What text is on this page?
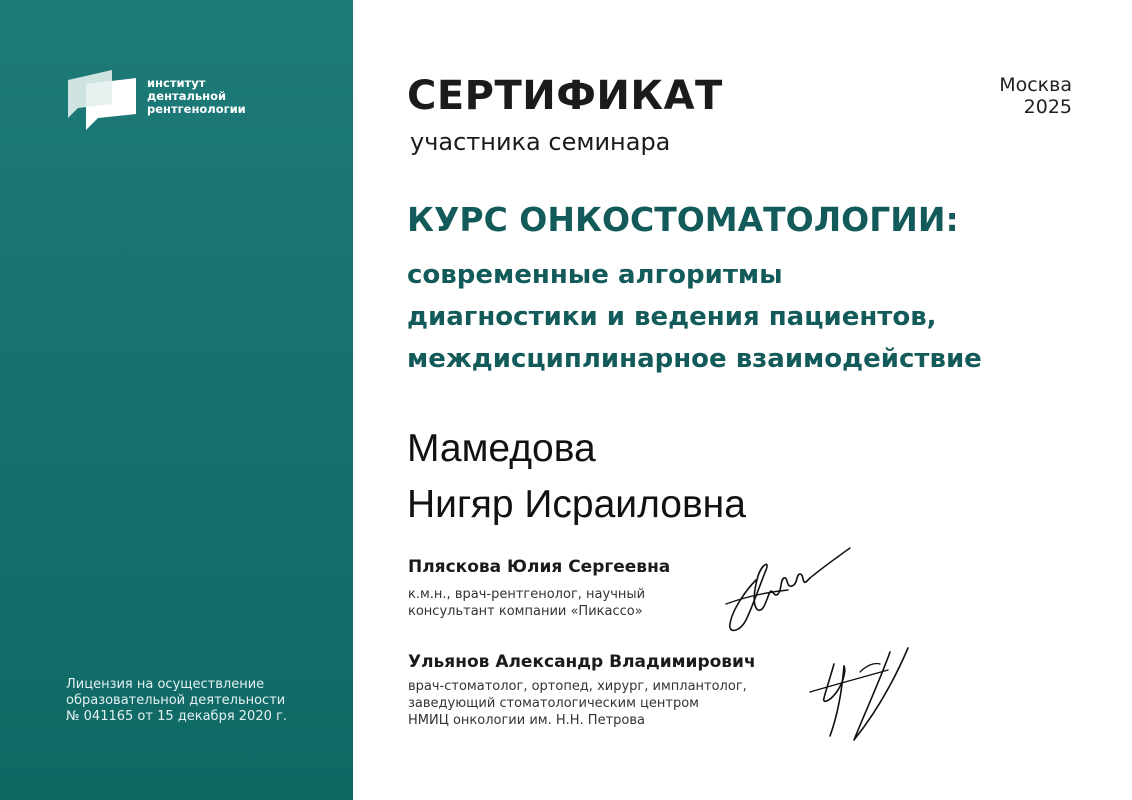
институт
дентальной
рентгенологии
Лицензия на осуществление
образовательной деятельности
№ 041165 от 15 декабря 2020 г.
СЕРТИФИКАТ
участника семинара
Москва
2025
КУРС ОНКОСТОМАТОЛОГИИ:
современные алгоритмы
диагностики и ведения пациентов,
междисциплинарное взаимодействие
Мамедова
Нигяр Исраиловна
Пляскова Юлия Сергеевна
к.м.н., врач-рентгенолог, научный
консультант компании «Пикассо»
Ульянов Александр Владимирович
врач-стоматолог, ортопед, хирург, имплантолог,
заведующий стоматологическим центром
НМИЦ онкологии им. Н.Н. Петрова
